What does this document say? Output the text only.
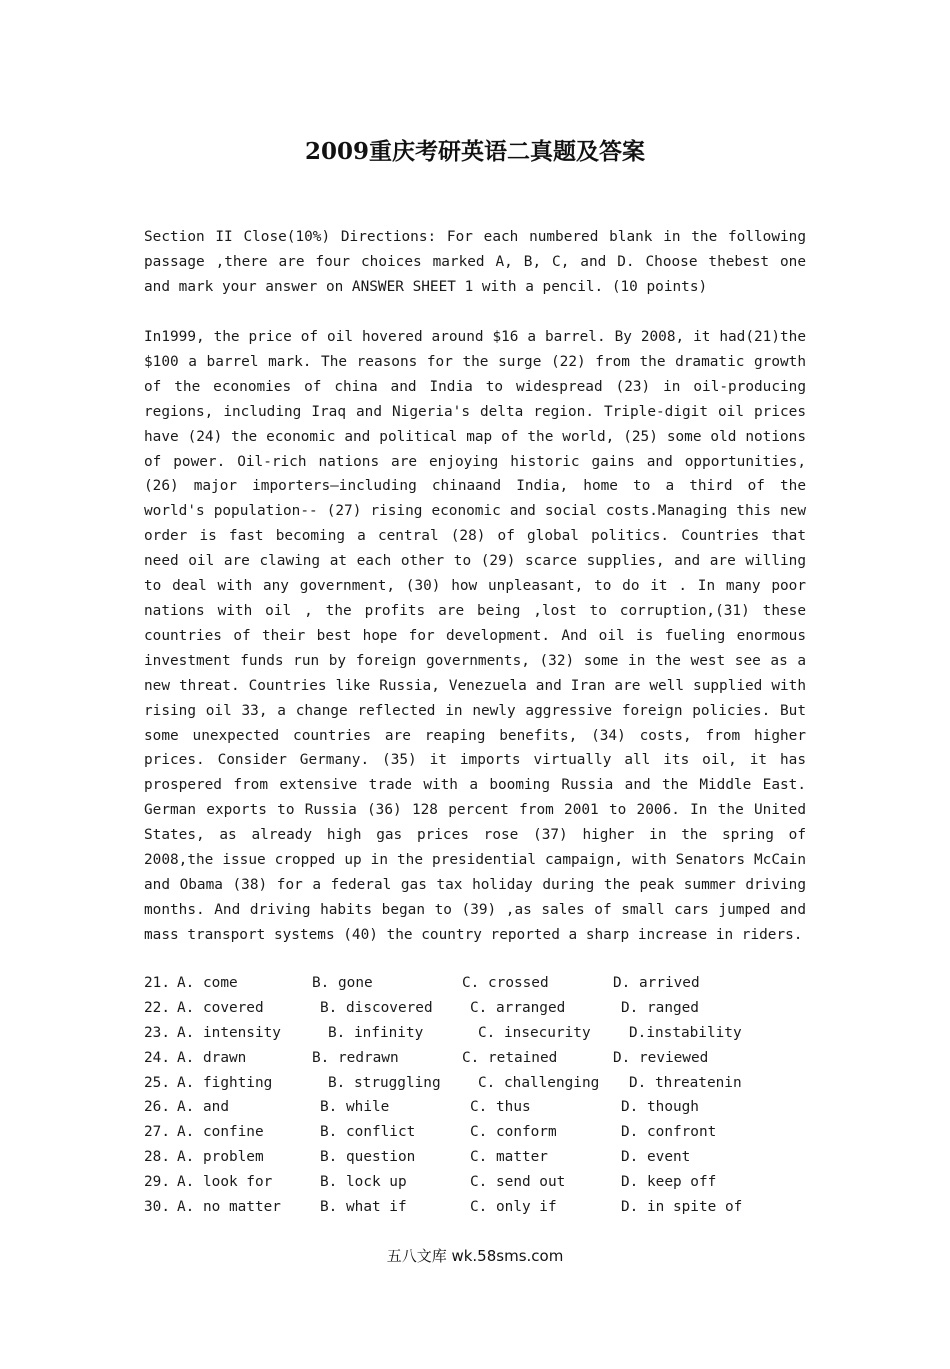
2009重庆考研英语二真题及答案
Section II Close(10%) Directions: For each numbered blank in the following passage ,there are four choices marked A, B, C, and D. Choose thebest one and mark your answer on ANSWER SHEET 1 with a pencil. (10 points)
In1999, the price of oil hovered around $16 a barrel. By 2008, it had(21)the $100 a barrel mark. The reasons for the surge (22) from the dramatic growth of the economies of china and India to widespread (23) in oil-producing regions, including Iraq and Nigeria's delta region. Triple-digit oil prices have (24) the economic and political map of the world, (25) some old notions of power. Oil-rich nations are enjoying historic gains and opportunities, (26) major importers—including chinaand India, home to a third of the world's population-- (27) rising economic and social costs.Managing this new order is fast becoming a central (28) of global politics. Countries that need oil are clawing at each other to (29) scarce supplies, and are willing to deal with any government, (30) how unpleasant, to do it . In many poor nations with oil , the profits are being ,lost to corruption,(31) these countries of their best hope for development. And oil is fueling enormous investment funds run by foreign governments, (32) some in the west see as a new threat. Countries like Russia, Venezuela and Iran are well supplied with rising oil 33, a change reflected in newly aggressive foreign policies. But some unexpected countries are reaping benefits, (34) costs, from higher prices. Consider Germany. (35) it imports virtually all its oil, it has prospered from extensive trade with a booming Russia and the Middle East. German exports to Russia (36) 128 percent from 2001 to 2006. In the United States, as already high gas prices rose (37) higher in the spring of 2008,the issue cropped up in the presidential campaign, with Senators McCain and Obama (38) for a federal gas tax holiday during the peak summer driving months. And driving habits began to (39) ,as sales of small cars jumped and mass transport systems (40) the country reported a sharp increase in riders.

21.

A. come

	B. gone

	C. crossed

	D. arrived

22.

A. covered

	B. discovered

	C. arranged

	D. ranged

23.

A. intensity

	B. infinity

	C. insecurity

	D.instability

24.

A. drawn

	B. redrawn

	C. retained

	D. reviewed

25.

A. fighting

	B. struggling

	C. challenging

D. threatenin

26.

A. and

	B. while

	C. thus

	D. though

27.

A. confine

	B. conflict

	C. conform

	D. confront

28.

A. problem

	B. question

	C. matter

	D. event

29.

A. look for

	B. lock up

	C. send out

	D. keep off

30.

A. no matter

	B. what if

	C. only if

	D. in spite of

五八文库 wk.58sms.com
